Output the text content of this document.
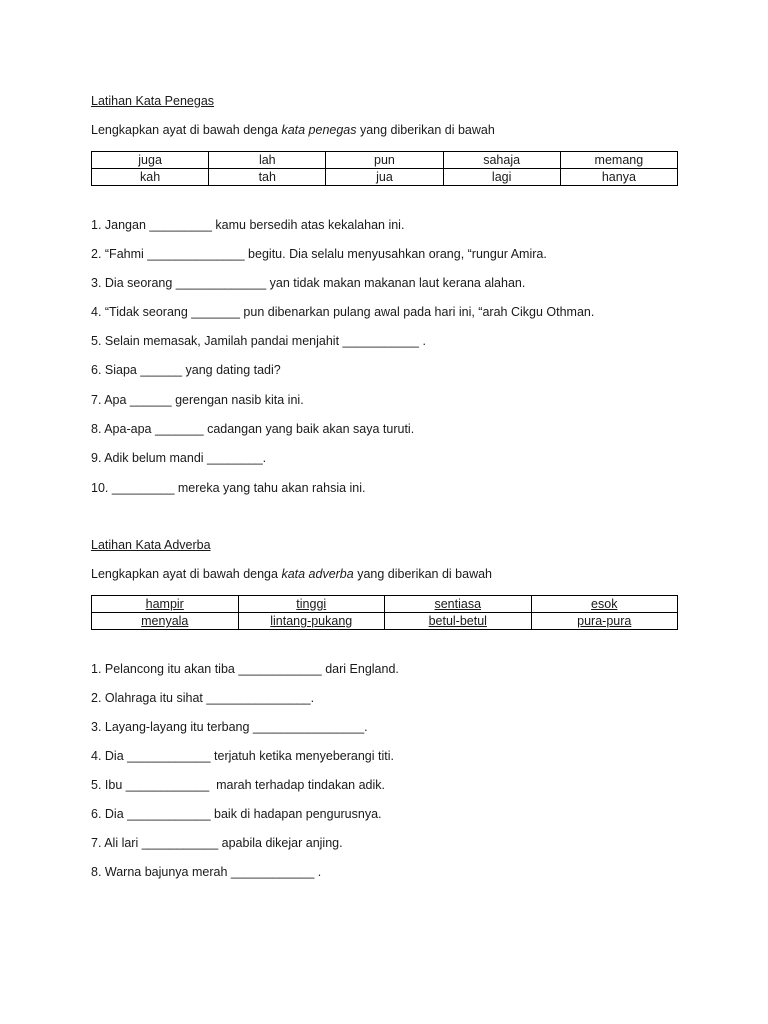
Latihan Kata Penegas
Lengkapkan ayat di bawah denga kata penegas yang diberikan di bawah
juga	lah	pun	sahaja	memang
kah	tah	jua	lagi	hanya
1. Jangan _________ kamu bersedih atas kekalahan ini.
2. “Fahmi ______________ begitu. Dia selalu menyusahkan orang, “rungur Amira.
3. Dia seorang _____________ yan tidak makan makanan laut kerana alahan.
4. “Tidak seorang _______ pun dibenarkan pulang awal pada hari ini, “arah Cikgu Othman.
5. Selain memasak, Jamilah pandai menjahit ___________ .
6. Siapa ______ yang dating tadi?
7. Apa ______ gerengan nasib kita ini.
8. Apa-apa _______ cadangan yang baik akan saya turuti.
9. Adik belum mandi ________.
10. _________ mereka yang tahu akan rahsia ini.
Latihan Kata Adverba
Lengkapkan ayat di bawah denga kata adverba yang diberikan di bawah
hampir	tinggi	sentiasa	esok
menyala	lintang-pukang	betul-betul	pura-pura
1. Pelancong itu akan tiba ____________ dari England.
2. Olahraga itu sihat _______________.
3. Layang-layang itu terbang ________________.
4. Dia ____________ terjatuh ketika menyeberangi titi.
5. Ibu ____________  marah terhadap tindakan adik.
6. Dia ____________ baik di hadapan pengurusnya.
7. Ali lari ___________ apabila dikejar anjing.
8. Warna bajunya merah ____________ .
